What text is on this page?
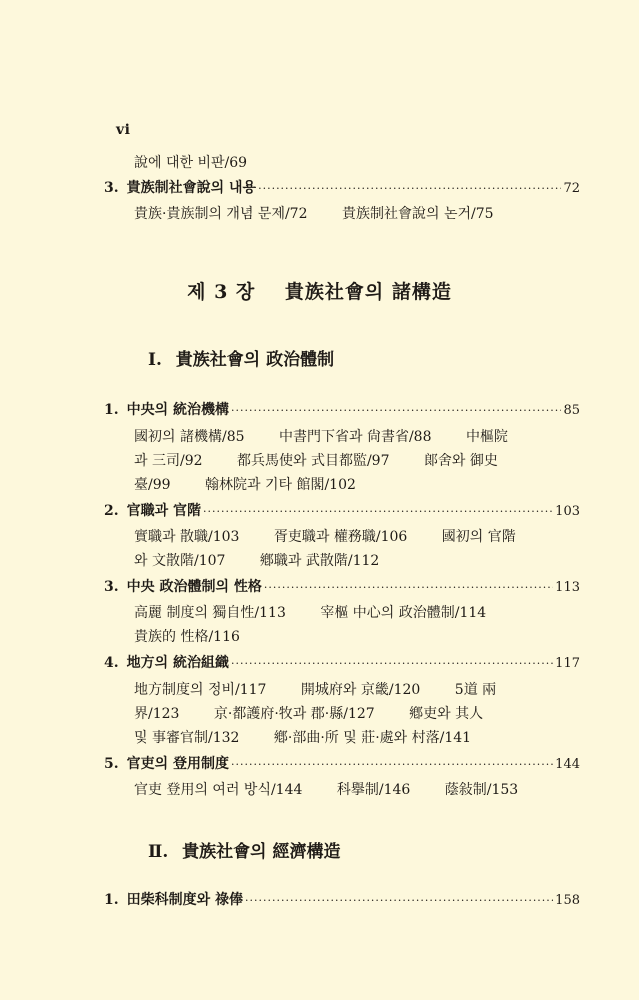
vi
說에 대한 비판/69
3. 貴族制社會說의 내용 ·····	72
貴族·貴族制의 개념 문제/72 貴族制社會說의 논거/75
제 3 장 貴族社會의 諸構造
Ⅰ. 貴族社會의 政治體制
1. 中央의 統治機構 ·····	85
國初의 諸機構/85 中書門下省과 尙書省/88 中樞院
과 三司/92 都兵馬使와 式目都監/97 郞舍와 御史
臺/99 翰林院과 기타 館閣/102
2. 官職과 官階 ·····	103
實職과 散職/103 胥吏職과 權務職/106 國初의 官階
와 文散階/107 鄕職과 武散階/112
3. 中央 政治體制의 性格 ·····	113
高麗 制度의 獨自性/113 宰樞 中心의 政治體制/114
貴族的 性格/116
4. 地方의 統治組織 ·····	117
地方制度의 정비/117 開城府와 京畿/120 5道 兩
界/123 京·都護府·牧과 郡·縣/127 鄕吏와 其人
및 事審官制/132 鄕·部曲·所 및 莊·處와 村落/141
5. 官吏의 登用制度 ·····	144
官吏 登用의 여러 방식/144 科擧制/146 蔭敍制/153
Ⅱ. 貴族社會의 經濟構造
1. 田柴科制度와 祿俸 ·····	158
